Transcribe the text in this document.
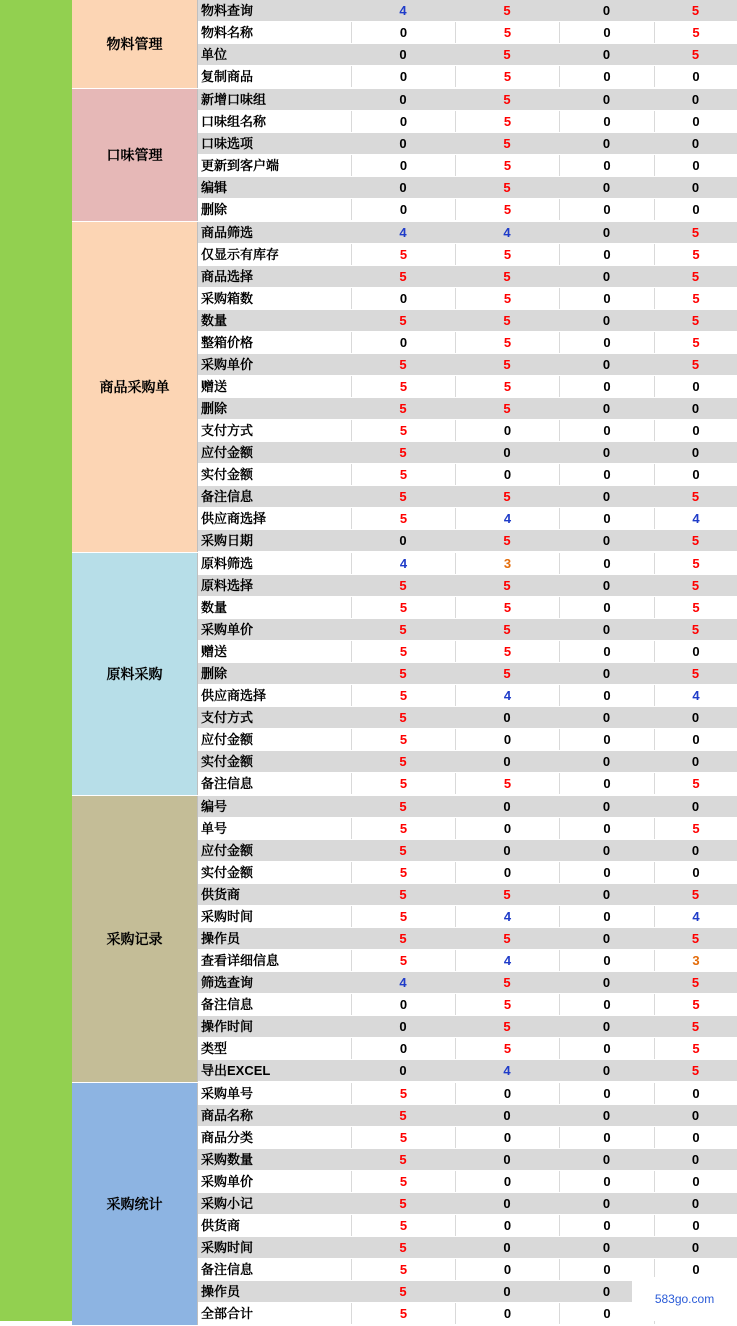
物料管理
物料查询	4	5	0	5
物料名称	0	5	0	5
单位	0	5	0	5
复制商品	0	5	0	0
口味管理
新增口味组	0	5	0	0
口味组名称	0	5	0	0
口味选项	0	5	0	0
更新到客户端	0	5	0	0
编辑	0	5	0	0
删除	0	5	0	0
商品采购单
商品筛选	4	4	0	5
仅显示有库存	5	5	0	5
商品选择	5	5	0	5
采购箱数	0	5	0	5
数量	5	5	0	5
整箱价格	0	5	0	5
采购单价	5	5	0	5
赠送	5	5	0	0
删除	5	5	0	0
支付方式	5	0	0	0
应付金额	5	0	0	0
实付金额	5	0	0	0
备注信息	5	5	0	5
供应商选择	5	4	0	4
采购日期	0	5	0	5
原料采购
原料筛选	4	3	0	5
原料选择	5	5	0	5
数量	5	5	0	5
采购单价	5	5	0	5
赠送	5	5	0	0
删除	5	5	0	5
供应商选择	5	4	0	4
支付方式	5	0	0	0
应付金额	5	0	0	0
实付金额	5	0	0	0
备注信息	5	5	0	5
采购记录
编号	5	0	0	0
单号	5	0	0	5
应付金额	5	0	0	0
实付金额	5	0	0	0
供货商	5	5	0	5
采购时间	5	4	0	4
操作员	5	5	0	5
查看详细信息	5	4	0	3
筛选查询	4	5	0	5
备注信息	0	5	0	5
操作时间	0	5	0	5
类型	0	5	0	5
导出EXCEL	0	4	0	5
采购统计
采购单号	5	0	0	0
商品名称	5	0	0	0
商品分类	5	0	0	0
采购数量	5	0	0	0
采购单价	5	0	0	0
采购小记	5	0	0	0
供货商	5	0	0	0
采购时间	5	0	0	0
备注信息	5	0	0	0
操作员	5	0	0
全部合计	5	0	0
583go.com
